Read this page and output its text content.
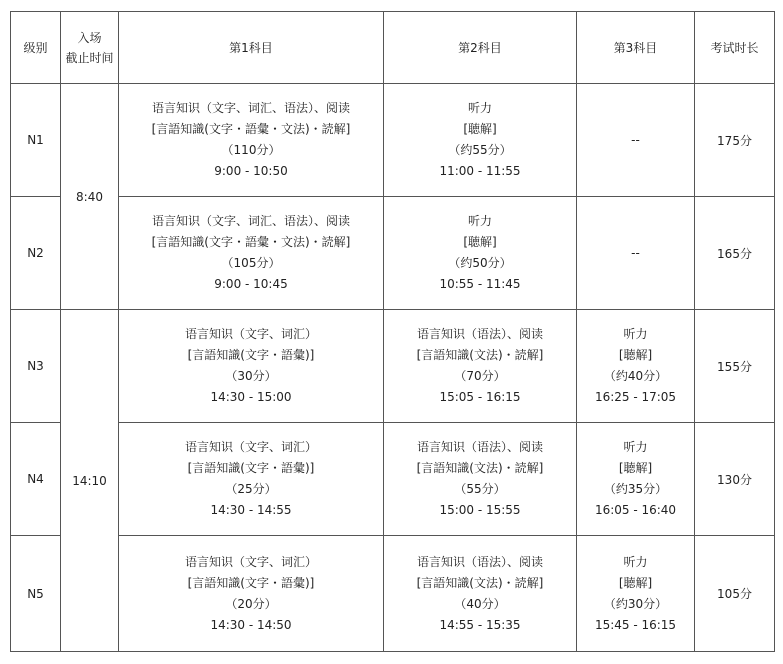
级别	入场
截止时间	第1科目	第2科目	第3科目	考试时长
N1	8:40	语言知识（文字、词汇、语法）、阅读
[言語知識(文字・語彙・文法)・読解]
（110分）
9:00 - 10:50	听力
[聴解]
（约55分）
11:00 - 11:55	--	175分
N2		语言知识（文字、词汇、语法）、阅读
[言語知識(文字・語彙・文法)・読解]
（105分）
9:00 - 10:45	听力
[聴解]
（约50分）
10:55 - 11:45	--	165分
N3	14:10	语言知识（文字、词汇）
[言語知識(文字・語彙)]
（30分）
14:30 - 15:00	语言知识（语法）、阅读
[言語知識(文法)・読解]
（70分）
15:05 - 16:15	听力
[聴解]
（约40分）
16:25 - 17:05	155分
N4		语言知识（文字、词汇）
[言語知識(文字・語彙)]
（25分）
14:30 - 14:55	语言知识（语法）、阅读
[言語知識(文法)・読解]
（55分）
15:00 - 15:55	听力
[聴解]
（约35分）
16:05 - 16:40	130分
N5		语言知识（文字、词汇）
[言語知識(文字・語彙)]
（20分）
14:30 - 14:50	语言知识（语法）、阅读
[言語知識(文法)・読解]
（40分）
14:55 - 15:35	听力
[聴解]
（约30分）
15:45 - 16:15	105分
